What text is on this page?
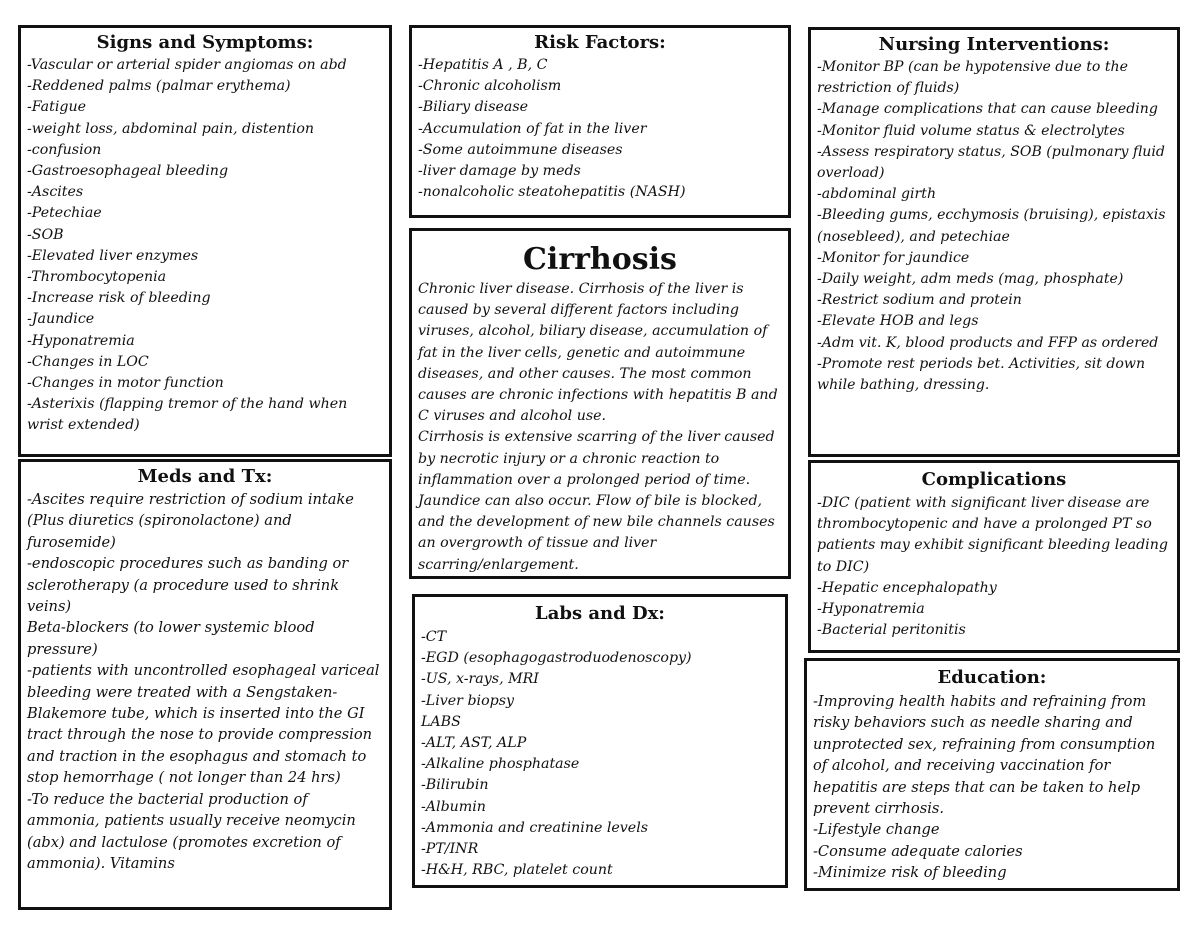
Signs and Symptoms:
-Vascular or arterial spider angiomas on abd
-Reddened palms (palmar erythema)
-Fatigue
-weight loss, abdominal pain, distention
-confusion
-Gastroesophageal bleeding
-Ascites
-Petechiae
-SOB
-Elevated liver enzymes
-Thrombocytopenia
-Increase risk of bleeding
-Jaundice
-Hyponatremia
-Changes in LOC
-Changes in motor function
-Asterixis (flapping tremor of the hand when wrist extended)
Meds and Tx:
-Ascites require restriction of sodium intake (Plus diuretics (spironolactone) and furosemide)
-endoscopic procedures such as banding or sclerotherapy (a procedure used to shrink veins)
Beta-blockers (to lower systemic blood pressure)
-patients with uncontrolled esophageal variceal bleeding were treated with a Sengstaken-Blakemore tube, which is inserted into the GI tract through the nose to provide compression and traction in the esophagus and stomach to stop hemorrhage ( not longer than 24 hrs)
-To reduce the bacterial production of ammonia, patients usually receive neomycin (abx) and lactulose (promotes excretion of ammonia). Vitamins
Risk Factors:
-Hepatitis A , B, C
-Chronic alcoholism
-Biliary disease
-Accumulation of fat in the liver
-Some autoimmune diseases
-liver damage by meds
-nonalcoholic steatohepatitis (NASH)
Cirrhosis

Chronic liver disease. Cirrhosis of the liver is caused by several different factors including viruses, alcohol, biliary disease, accumulation of fat in the liver cells, genetic and autoimmune diseases, and other causes. The most common causes are chronic infections with hepatitis B and C viruses and alcohol use.

Cirrhosis is extensive scarring of the liver caused by necrotic injury or a chronic reaction to inflammation over a prolonged period of time. Jaundice can also occur. Flow of bile is blocked, and the development of new bile channels causes an overgrowth of tissue and liver scarring/enlargement.

Labs and Dx:
-CT
-EGD (esophagogastroduodenoscopy)
-US, x-rays, MRI
-Liver biopsy
LABS
-ALT, AST, ALP
-Alkaline phosphatase
-Bilirubin
-Albumin
-Ammonia and creatinine levels
-PT/INR
-H&H, RBC, platelet count
Nursing Interventions:
-Monitor BP (can be hypotensive due to the restriction of fluids)
-Manage complications that can cause bleeding
-Monitor fluid volume status & electrolytes
-Assess respiratory status, SOB (pulmonary fluid overload)
-abdominal girth
-Bleeding gums, ecchymosis (bruising), epistaxis (nosebleed), and petechiae
-Monitor for jaundice
-Daily weight, adm meds (mag, phosphate)
-Restrict sodium and protein
-Elevate HOB and legs
-Adm vit. K, blood products and FFP as ordered
-Promote rest periods bet. Activities, sit down while bathing, dressing.
Complications
-DIC (patient with significant liver disease are thrombocytopenic and have a prolonged PT so patients may exhibit significant bleeding leading to DIC)
-Hepatic encephalopathy
-Hyponatremia
-Bacterial peritonitis
Education:
-Improving health habits and refraining from risky behaviors such as needle sharing and unprotected sex, refraining from consumption of alcohol, and receiving vaccination for hepatitis are steps that can be taken to help prevent cirrhosis.
-Lifestyle change
-Consume adequate calories
-Minimize risk of bleeding
